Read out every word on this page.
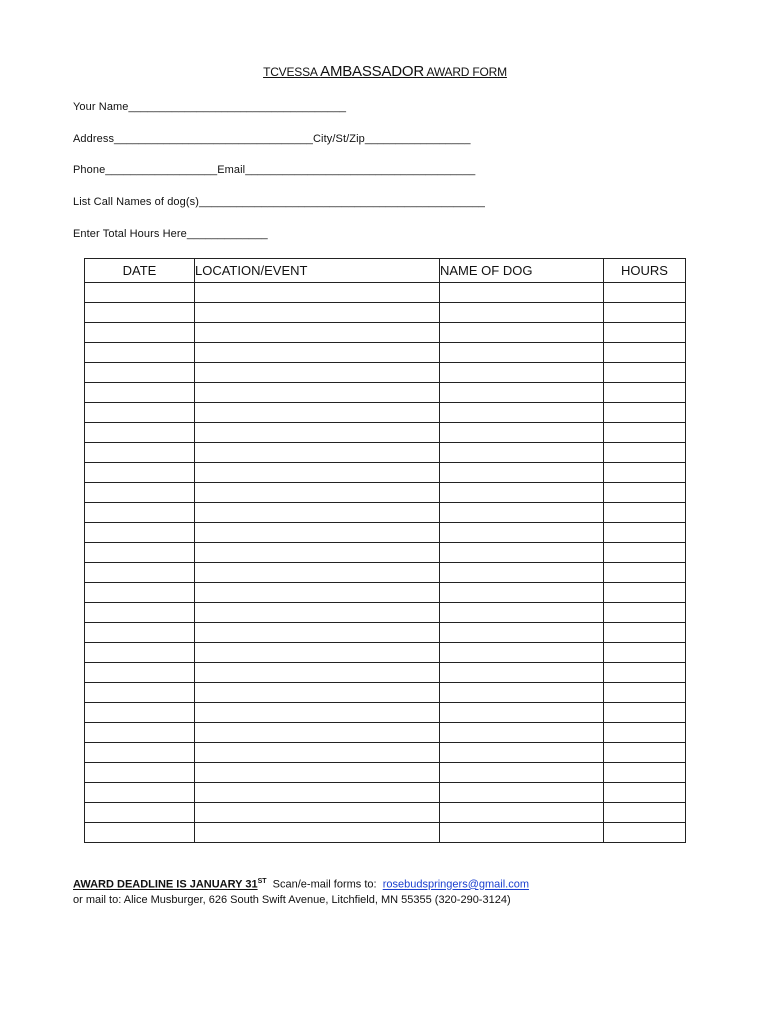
TCVESSA AMBASSADOR AWARD FORM
Your Name___________________________________
Address________________________________City/St/Zip_________________
Phone__________________Email_____________________________________
List Call Names of dog(s)______________________________________________
Enter Total Hours Here_____________
DATE	LOCATION/EVENT	NAME OF DOG	HOURS

AWARD DEADLINE IS JANUARY 31ST  Scan/e-mail forms to:  rosebudspringers@gmail.com
or mail to: Alice Musburger, 626 South Swift Avenue, Litchfield, MN 55355 (320-290-3124)
